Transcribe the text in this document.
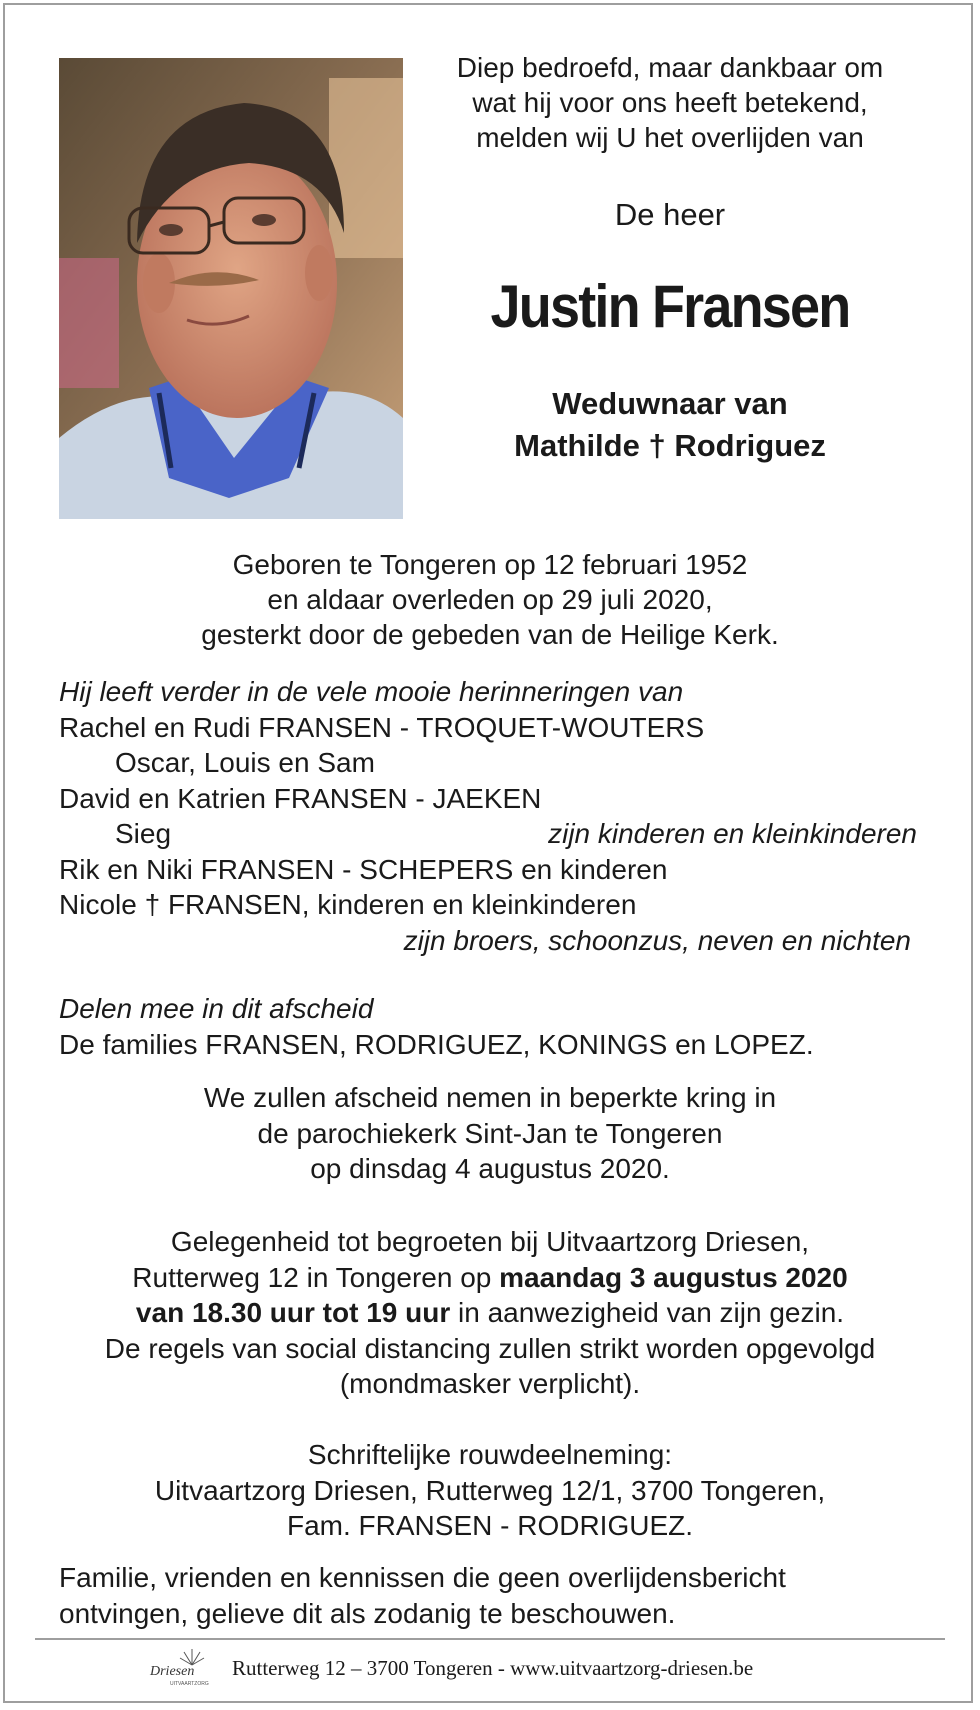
Diep bedroefd, maar dankbaar om
wat hij voor ons heeft betekend,
melden wij U het overlijden van
De heer
Justin Fransen
Weduwnaar van
Mathilde † Rodriguez
Geboren te Tongeren op 12 februari 1952
en aldaar overleden op 29 juli 2020,
gesterkt door de gebeden van de Heilige Kerk.
Hij leeft verder in de vele mooie herinneringen van
Rachel en Rudi FRANSEN - TROQUET-WOUTERS
Oscar, Louis en Sam
David en Katrien FRANSEN - JAEKEN
Sieg	zijn kinderen en kleinkinderen
Rik en Niki FRANSEN - SCHEPERS en kinderen
Nicole † FRANSEN, kinderen en kleinkinderen
zijn broers, schoonzus, neven en nichten
Delen mee in dit afscheid
De families FRANSEN, RODRIGUEZ, KONINGS en LOPEZ.
We zullen afscheid nemen in beperkte kring in
de parochiekerk Sint-Jan te Tongeren
op dinsdag 4 augustus 2020.
Gelegenheid tot begroeten bij Uitvaartzorg Driesen,
Rutterweg 12 in Tongeren op maandag 3 augustus 2020
van 18.30 uur tot 19 uur in aanwezigheid van zijn gezin.
De regels van social distancing zullen strikt worden opgevolgd
(mondmasker verplicht).
Schriftelijke rouwdeelneming:
Uitvaartzorg Driesen, Rutterweg 12/1, 3700 Tongeren,
Fam. FRANSEN - RODRIGUEZ.
Familie, vrienden en kennissen die geen overlijdensbericht
ontvingen, gelieve dit als zodanig te beschouwen.
Driesen
UITVAARTZORG
Rutterweg 12 – 3700 Tongeren - www.uitvaartzorg-driesen.be
